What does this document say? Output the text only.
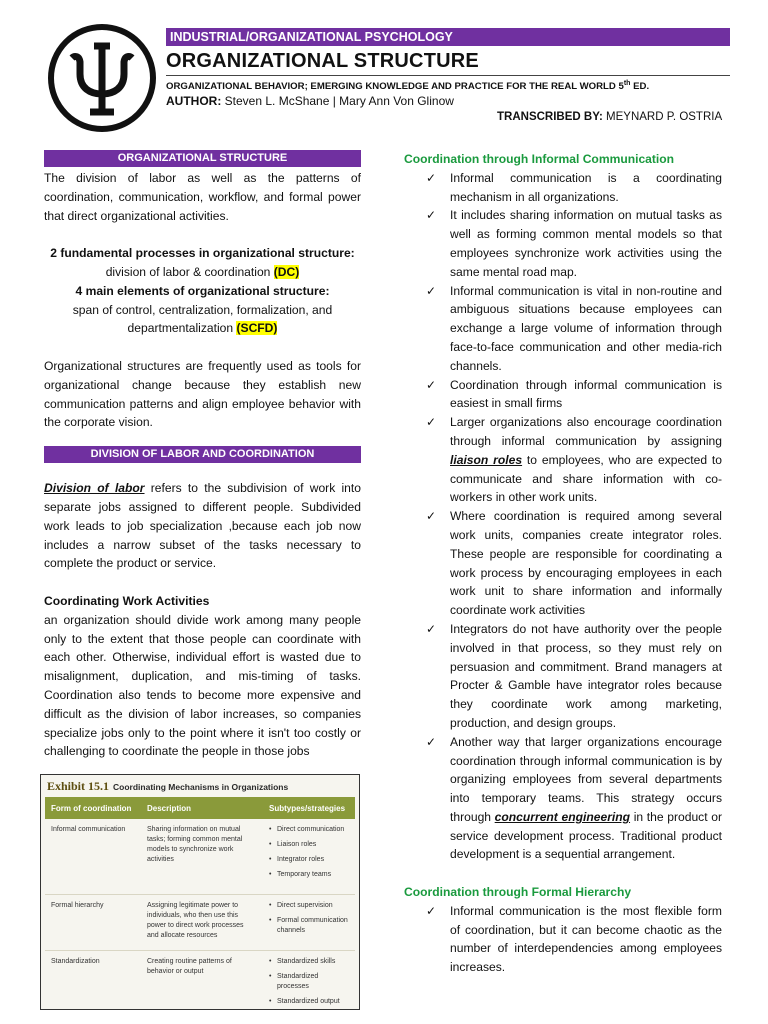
INDUSTRIAL/ORGANIZATIONAL PSYCHOLOGY
ORGANIZATIONAL STRUCTURE
ORGANIZATIONAL BEHAVIOR; EMERGING KNOWLEDGE AND PRACTICE FOR THE REAL WORLD 5th ED.
AUTHOR: Steven L. McShane | Mary Ann Von Glinow
TRANSCRIBED BY: MEYNARD P. OSTRIA
ORGANIZATIONAL STRUCTURE

The division of labor as well as the patterns of coordination, communication, workflow, and formal power that direct organizational activities.

2 fundamental processes in organizational structure:

division of labor & coordination (DC)

4 main elements of organizational structure:

span of control, centralization, formalization, and departmentalization (SCFD)

Organizational structures are frequently used as tools for organizational change because they establish new communication patterns and align employee behavior with the corporate vision.

DIVISION OF LABOR AND COORDINATION

Division of labor refers to the subdivision of work into separate jobs assigned to different people. Subdivided work leads to job specialization ,because each job now includes a narrow subset of the tasks necessary to complete the product or service.

Coordinating Work Activities

an organization should divide work among many people only to the extent that those people can coordinate with each other. Otherwise, individual effort is wasted due to misalignment, duplication, and mis-timing of tasks. Coordination also tends to become more expensive and difficult as the division of labor increases, so companies specialize jobs only to the point where it isn't too costly or challenging to coordinate the people in those jobs

Exhibit 15.1 Coordinating Mechanisms in Organizations
Form of coordination	Description	Subtypes/strategies
Informal communication	Sharing information on mutual tasks; forming common mental models to synchronize work activities
• Direct communication
• Liaison roles
• Integrator roles
• Temporary teams
Formal hierarchy	Assigning legitimate power to individuals, who then use this power to direct work processes and allocate resources
• Direct supervision
• Formal communication channels
Standardization	Creating routine patterns of behavior or output
• Standardized skills
• Standardized processes
• Standardized output

Coordination through Informal Communication

✓ Informal communication is a coordinating mechanism in all organizations.
✓ It includes sharing information on mutual tasks as well as forming common mental models so that employees synchronize work activities using the same mental road map.
✓ Informal communication is vital in non-routine and ambiguous situations because employees can exchange a large volume of information through face-to-face communication and other media-rich channels.
✓ Coordination through informal communication is easiest in small firms
✓ Larger organizations also encourage coordination through informal communication by assigning liaison roles to employees, who are expected to communicate and share information with co-workers in other work units.
✓ Where coordination is required among several work units, companies create integrator roles. These people are responsible for coordinating a work process by encouraging employees in each work unit to share information and informally coordinate work activities
✓ Integrators do not have authority over the people involved in that process, so they must rely on persuasion and commitment. Brand managers at Procter & Gamble have integrator roles because they coordinate work among marketing, production, and design groups.
✓ Another way that larger organizations encourage coordination through informal communication is by organizing employees from several departments into temporary teams. This strategy occurs through concurrent engineering in the product or service development process. Traditional product development is a sequential arrangement.

Coordination through Formal Hierarchy

✓ Informal communication is the most flexible form of coordination, but it can become chaotic as the number of interdependencies among employees increases.
